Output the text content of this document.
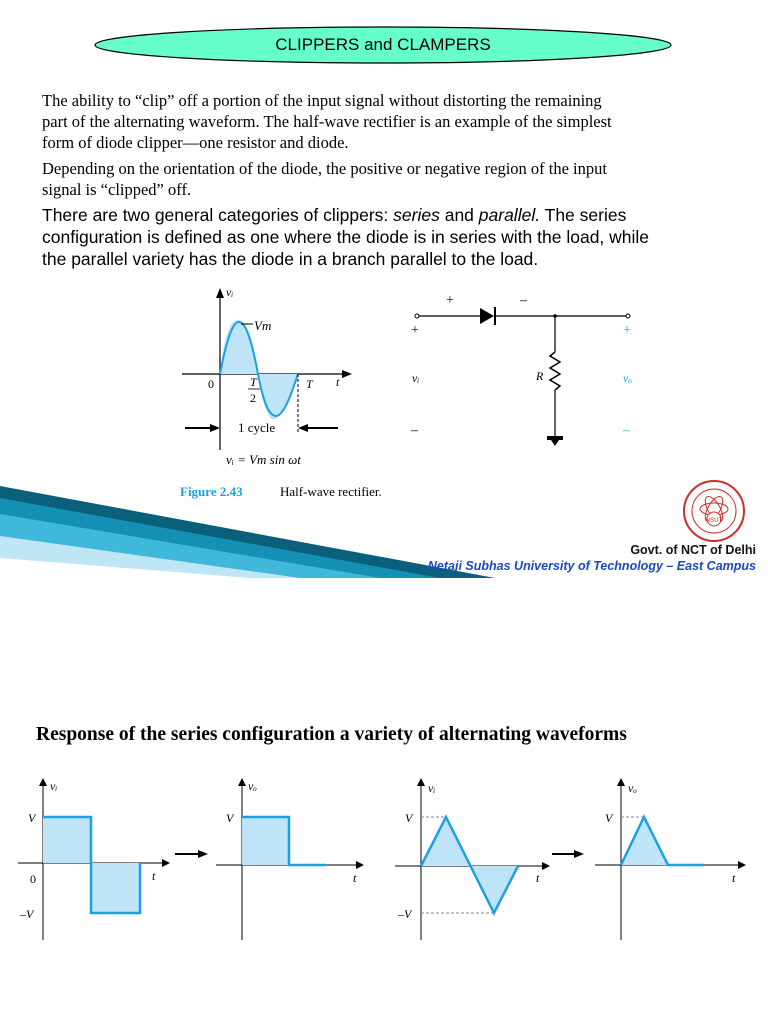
CLIPPERS and CLAMPERS
The ability to “clip” off a portion of the input signal without distorting the remaining
part of the alternating waveform. The half-wave rectifier is an example of the simplest
form of diode clipper—one resistor and diode.
Depending on the orientation of the diode, the positive or negative region of the input
signal is “clipped” off.
There are two general categories of clippers: series and parallel. The series
configuration is defined as one where the diode is in series with the load, while
the parallel variety has the diode in a branch parallel to the load.
Vm
vᵢ
0	T
2
T t
1 cycle
vᵢ = Vm sin ωt
+	–
+
vᵢ
–
R
+
vₒ
–
Figure 2.43	Half-wave rectifier.
NSUT
Govt. of NCT of Delhi
Netaji Subhas University of Technology – East Campus
Response of the series configuration a variety of alternating waveforms
vᵢ
V
0	t
–V
vₒ
V
t
vᵢ
V
t
–V
vₒ
V
t
